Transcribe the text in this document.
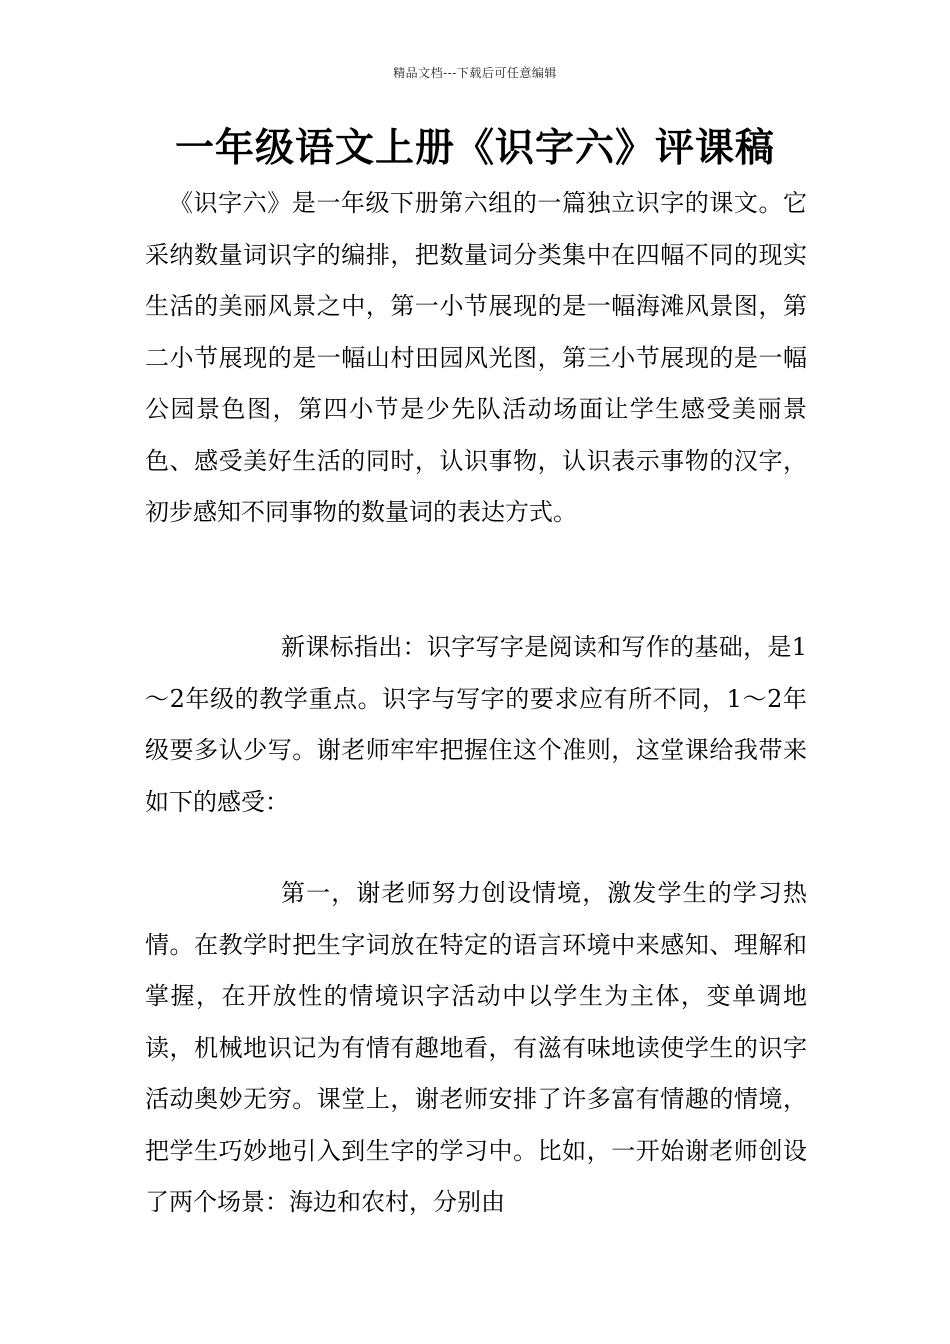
精品文档---下载后可任意编辑
一年级语文上册《识字六》评课稿

《识字六》是一年级下册第六组的一篇独立识字的课文。它采纳数量词识字的编排，把数量词分类集中在四幅不同的现实生活的美丽风景之中，第一小节展现的是一幅海滩风景图，第二小节展现的是一幅山村田园风光图，第三小节展现的是一幅公园景色图，第四小节是少先队活动场面让学生感受美丽景色、感受美好生活的同时，认识事物，认识表示事物的汉字，初步感知不同事物的数量词的表达方式。

新课标指出：识字写字是阅读和写作的基础，是1～2年级的教学重点。识字与写字的要求应有所不同，1～2年级要多认少写。谢老师牢牢把握住这个准则，这堂课给我带来如下的感受：

第一，谢老师努力创设情境，激发学生的学习热情。在教学时把生字词放在特定的语言环境中来感知、理解和掌握，在开放性的情境识字活动中以学生为主体，变单调地读，机械地识记为有情有趣地看，有滋有味地读使学生的识字活动奥妙无穷。课堂上，谢老师安排了许多富有情趣的情境，把学生巧妙地引入到生字的学习中。比如，一开始谢老师创设了两个场景：海边和农村，分别由
